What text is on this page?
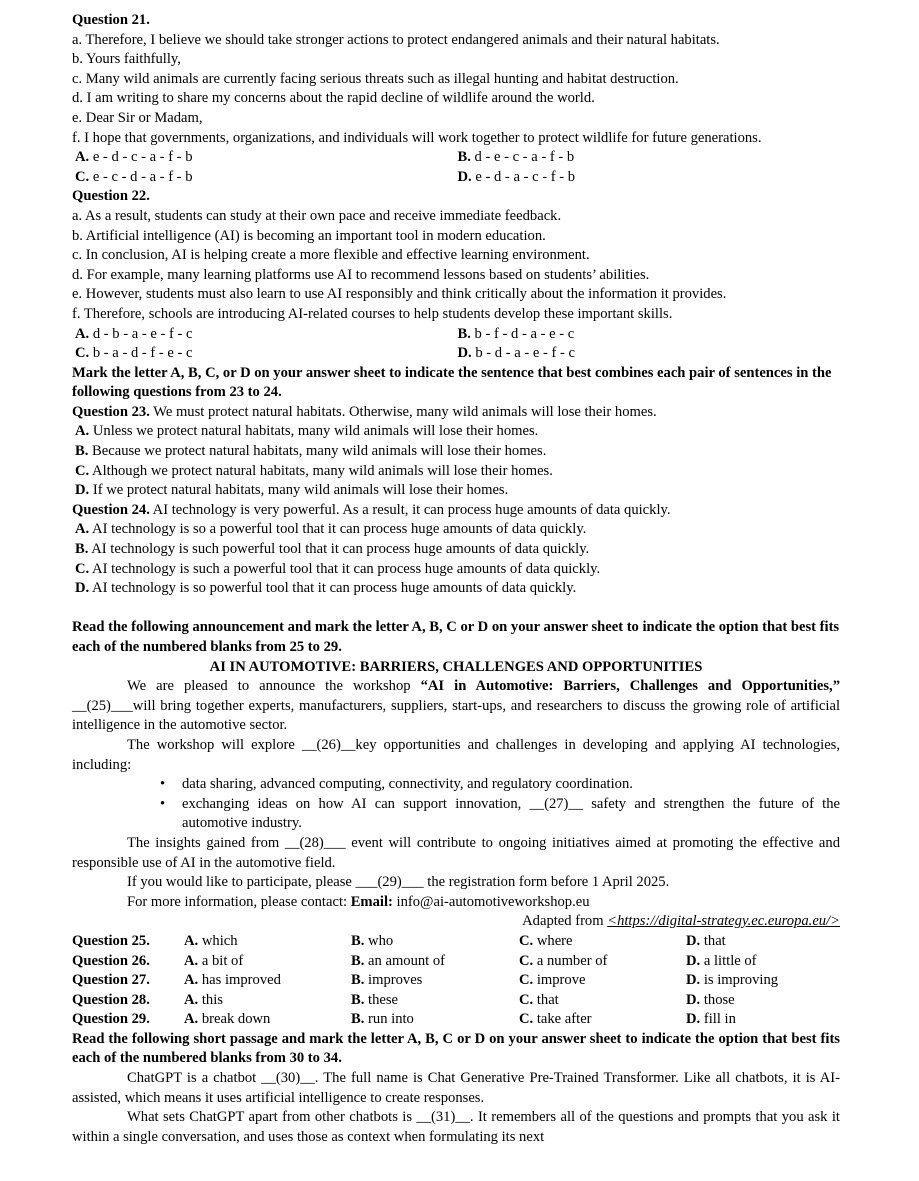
Question 21.
a. Therefore, I believe we should take stronger actions to protect endangered animals and their natural habitats.
b. Yours faithfully,
c. Many wild animals are currently facing serious threats such as illegal hunting and habitat destruction.
d. I am writing to share my concerns about the rapid decline of wildlife around the world.
e. Dear Sir or Madam,
f. I hope that governments, organizations, and individuals will work together to protect wildlife for future generations.
A. e - d - c - a - f - b	B. d - e - c - a - f - b
C. e - c - d - a - f - b	D. e - d - a - c - f - b
Question 22.
a. As a result, students can study at their own pace and receive immediate feedback.
b. Artificial intelligence (AI) is becoming an important tool in modern education.
c. In conclusion, AI is helping create a more flexible and effective learning environment.
d. For example, many learning platforms use AI to recommend lessons based on students’ abilities.
e. However, students must also learn to use AI responsibly and think critically about the information it provides.
f. Therefore, schools are introducing AI-related courses to help students develop these important skills.
A. d - b - a - e - f - c	B. b - f - d - a - e - c
C. b - a - d - f - e - c	D. b - d - a - e - f - c
Mark the letter A, B, C, or D on your answer sheet to indicate the sentence that best combines each pair of sentences in the following questions from 23 to 24.
Question 23. We must protect natural habitats. Otherwise, many wild animals will lose their homes.
A. Unless we protect natural habitats, many wild animals will lose their homes.
B. Because we protect natural habitats, many wild animals will lose their homes.
C. Although we protect natural habitats, many wild animals will lose their homes.
D. If we protect natural habitats, many wild animals will lose their homes.
Question 24. AI technology is very powerful. As a result, it can process huge amounts of data quickly.
A. AI technology is so a powerful tool that it can process huge amounts of data quickly.
B. AI technology is such powerful tool that it can process huge amounts of data quickly.
C. AI technology is such a powerful tool that it can process huge amounts of data quickly.
D. AI technology is so powerful tool that it can process huge amounts of data quickly.
Read the following announcement and mark the letter A, B, C or D on your answer sheet to indicate the option that best fits each of the numbered blanks from 25 to 29.
AI IN AUTOMOTIVE: BARRIERS, CHALLENGES AND OPPORTUNITIES
We are pleased to announce the workshop “AI in Automotive: Barriers, Challenges and Opportunities,” __(25)___will bring together experts, manufacturers, suppliers, start-ups, and researchers to discuss the growing role of artificial intelligence in the automotive sector.
The workshop will explore __(26)__key opportunities and challenges in developing and applying AI technologies, including:
• data sharing, advanced computing, connectivity, and regulatory coordination.
• exchanging ideas on how AI can support innovation, __(27)__ safety and strengthen the future of the automotive industry.
The insights gained from __(28)___ event will contribute to ongoing initiatives aimed at promoting the effective and responsible use of AI in the automotive field.
If you would like to participate, please ___(29)___ the registration form before 1 April 2025.
For more information, please contact: Email: info@ai-automotiveworkshop.eu
Adapted from <https://digital-strategy.ec.europa.eu/>
Question 25.	A. which	B. who	C. where	D. that
Question 26.	A. a bit of	B. an amount of	C. a number of	D. a little of
Question 27.	A. has improved	B. improves	C. improve	D. is improving
Question 28.	A. this	B. these	C. that	D. those
Question 29.	A. break down	B. run into	C. take after	D. fill in
Read the following short passage and mark the letter A, B, C or D on your answer sheet to indicate the option that best fits each of the numbered blanks from 30 to 34.
ChatGPT is a chatbot __(30)__. The full name is Chat Generative Pre-Trained Transformer. Like all chatbots, it is AI-assisted, which means it uses artificial intelligence to create responses.
What sets ChatGPT apart from other chatbots is __(31)__. It remembers all of the questions and prompts that you ask it within a single conversation, and uses those as context when formulating its next
